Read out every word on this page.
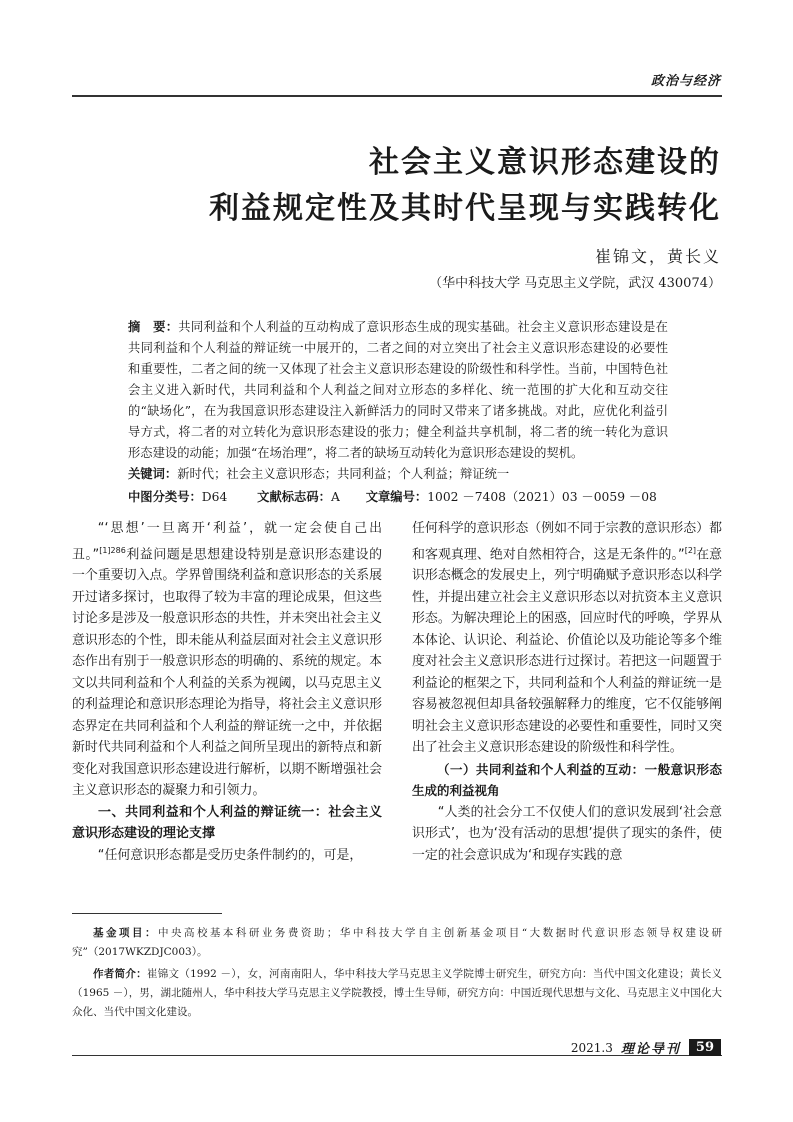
政治与经济
社会主义意识形态建设的
利益规定性及其时代呈现与实践转化
崔锦文，黄长义
（华中科技大学 马克思主义学院，武汉 430074）
摘　要：共同利益和个人利益的互动构成了意识形态生成的现实基础。社会主义意识形态建设是在共同利益和个人利益的辩证统一中展开的，二者之间的对立突出了社会主义意识形态建设的必要性和重要性，二者之间的统一又体现了社会主义意识形态建设的阶级性和科学性。当前，中国特色社会主义进入新时代，共同利益和个人利益之间对立形态的多样化、统一范围的扩大化和互动交往的“缺场化”，在为我国意识形态建设注入新鲜活力的同时又带来了诸多挑战。对此，应优化利益引导方式，将二者的对立转化为意识形态建设的张力；健全利益共享机制，将二者的统一转化为意识形态建设的动能；加强“在场治理”，将二者的缺场互动转化为意识形态建设的契机。
关键词：新时代；社会主义意识形态；共同利益；个人利益；辩证统一
中图分类号：D64 文献标志码：A 文章编号：1002 －7408（2021）03 －0059 －08

“‘思想’一旦离开‘利益’，就一定会使自己出丑。”$^{[1]286}$利益问题是思想建设特别是意识形态建设的一个重要切入点。学界曾围绕利益和意识形态的关系展开过诸多探讨，也取得了较为丰富的理论成果，但这些讨论多是涉及一般意识形态的共性，并未突出社会主义意识形态的个性，即未能从利益层面对社会主义意识形态作出有别于一般意识形态的明确的、系统的规定。本文以共同利益和个人利益的关系为视阈，以马克思主义的利益理论和意识形态理论为指导，将社会主义意识形态界定在共同利益和个人利益的辩证统一之中，并依据新时代共同利益和个人利益之间所呈现出的新特点和新变化对我国意识形态建设进行解析，以期不断增强社会主义意识形态的凝聚力和引领力。

一、共同利益和个人利益的辩证统一：社会主义意识形态建设的理论支撑

“任何意识形态都是受历史条件制约的，可是，

任何科学的意识形态（例如不同于宗教的意识形态）都和客观真理、绝对自然相符合，这是无条件的。”[2]在意识形态概念的发展史上，列宁明确赋予意识形态以科学性，并提出建立社会主义意识形态以对抗资本主义意识形态。为解决理论上的困惑，回应时代的呼唤，学界从本体论、认识论、利益论、价值论以及功能论等多个维度对社会主义意识形态进行过探讨。若把这一问题置于利益论的框架之下，共同利益和个人利益的辩证统一是容易被忽视但却具备较强解释力的维度，它不仅能够阐明社会主义意识形态建设的必要性和重要性，同时又突出了社会主义意识形态建设的阶级性和科学性。

（一）共同利益和个人利益的互动：一般意识形态生成的利益视角

“人类的社会分工不仅使人们的意识发展到‘社会意识形式’，也为‘没有活动的思想’提供了现实的条件，使一定的社会意识成为‘和现存实践的意

基金项目：中央高校基本科研业务费资助；华中科技大学自主创新基金项目“大数据时代意识形态领导权建设研究”（2017WKZDJC003）。

作者简介：崔锦文（1992 －），女，河南南阳人，华中科技大学马克思主义学院博士研究生，研究方向：当代中国文化建设；黄长义（1965 －），男，湖北随州人，华中科技大学马克思主义学院教授，博士生导师，研究方向：中国近现代思想与文化、马克思主义中国化大众化、当代中国文化建设。

2021.3 理论导刊	59
